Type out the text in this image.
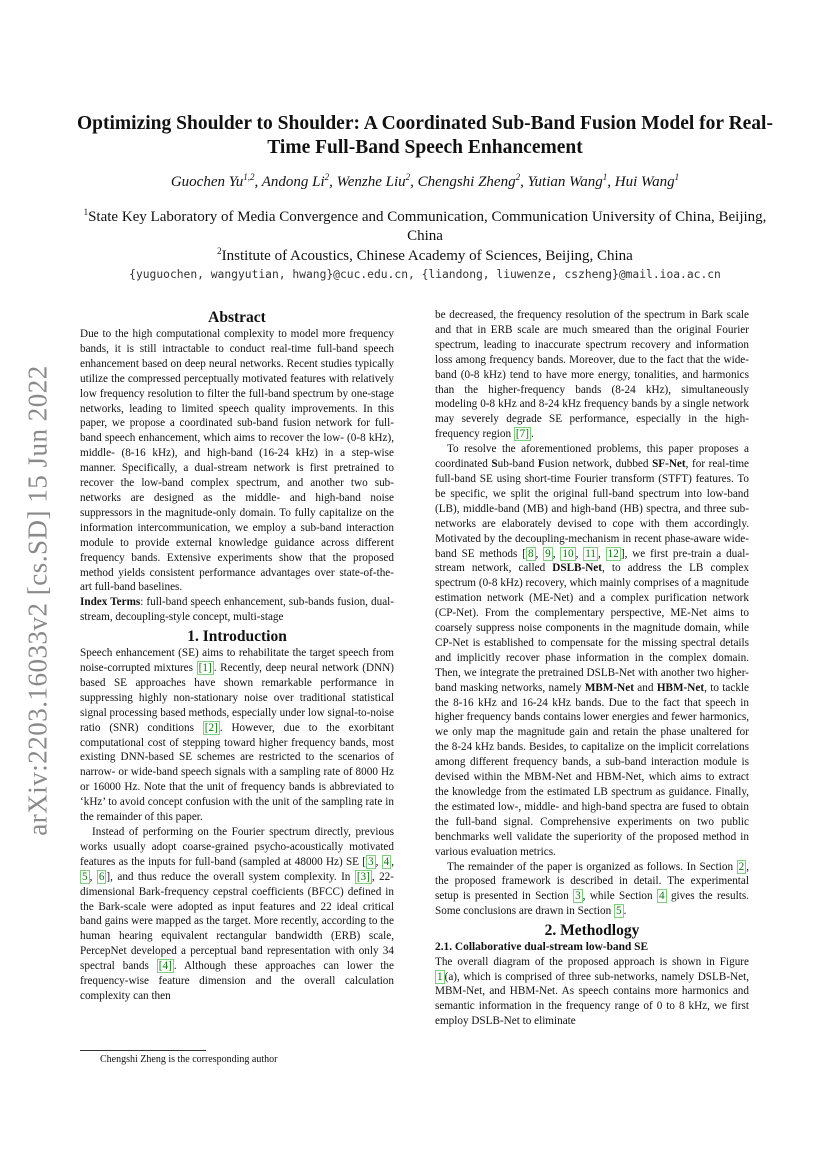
arXiv:2203.16033v2 [cs.SD] 15 Jun 2022
Optimizing Shoulder to Shoulder: A Coordinated Sub-Band Fusion Model for Real-Time Full-Band Speech Enhancement
Guochen Yu$^{1,2}$, Andong Li$^2$, Wenzhe Liu$^2$, Chengshi Zheng$^2$, Yutian Wang$^1$, Hui Wang$^1$
$^1$State Key Laboratory of Media Convergence and Communication, Communication University of China, Beijing, China
$^2$Institute of Acoustics, Chinese Academy of Sciences, Beijing, China
{yuguochen, wangyutian, hwang}@cuc.edu.cn, {liandong, liuwenze, cszheng}@mail.ioa.ac.cn
Abstract

Due to the high computational complexity to model more frequency bands, it is still intractable to conduct real-time full-band speech enhancement based on deep neural networks. Recent studies typically utilize the compressed perceptually motivated features with relatively low frequency resolution to filter the full-band spectrum by one-stage networks, leading to limited speech quality improvements. In this paper, we propose a coordinated sub-band fusion network for full-band speech enhancement, which aims to recover the low- (0-8 kHz), middle- (8-16 kHz), and high-band (16-24 kHz) in a step-wise manner. Specifically, a dual-stream network is first pretrained to recover the low-band complex spectrum, and another two sub-networks are designed as the middle- and high-band noise suppressors in the magnitude-only domain. To fully capitalize on the information intercommunication, we employ a sub-band interaction module to provide external knowledge guidance across different frequency bands. Extensive experiments show that the proposed method yields consistent performance advantages over state-of-the-art full-band baselines.

Index Terms: full-band speech enhancement, sub-bands fusion, dual-stream, decoupling-style concept, multi-stage

1. Introduction

Speech enhancement (SE) aims to rehabilitate the target speech from noise-corrupted mixtures [1] . Recently, deep neural network (DNN) based SE approaches have shown remarkable performance in suppressing highly non-stationary noise over traditional statistical signal processing based methods, especially under low signal-to-noise ratio (SNR) conditions [2] . However, due to the exorbitant computational cost of stepping toward higher frequency bands, most existing DNN-based SE schemes are restricted to the scenarios of narrow- or wide-band speech signals with a sampling rate of 8000 Hz or 16000 Hz. Note that the unit of frequency bands is abbreviated to ‘kHz’ to avoid concept confusion with the unit of the sampling rate in the remainder of this paper.

Instead of performing on the Fourier spectrum directly, previous works usually adopt coarse-grained psycho-acoustically motivated features as the inputs for full-band (sampled at 48000 Hz) SE [ 3 , 4 , 5 , 6 ], and thus reduce the overall system complexity. In [3] , 22-dimensional Bark-frequency cepstral coefficients (BFCC) defined in the Bark-scale were adopted as input features and 22 ideal critical band gains were mapped as the target. More recently, according to the human hearing equivalent rectangular bandwidth (ERB) scale, PercepNet developed a perceptual band representation with only 34 spectral bands [4] . Although these approaches can lower the frequency-wise feature dimension and the overall calculation complexity can then

Chengshi Zheng is the corresponding author

be decreased, the frequency resolution of the spectrum in Bark scale and that in ERB scale are much smeared than the original Fourier spectrum, leading to inaccurate spectrum recovery and information loss among frequency bands. Moreover, due to the fact that the wide-band (0-8 kHz) tend to have more energy, tonalities, and harmonics than the higher-frequency bands (8-24 kHz), simultaneously modeling 0-8 kHz and 8-24 kHz frequency bands by a single network may severely degrade SE performance, especially in the high-frequency region [7] .

To resolve the aforementioned problems, this paper proposes a coordinated Sub-band Fusion network, dubbed SF-Net, for real-time full-band SE using short-time Fourier transform (STFT) features. To be specific, we split the original full-band spectrum into low-band (LB), middle-band (MB) and high-band (HB) spectra, and three sub-networks are elaborately devised to cope with them accordingly. Motivated by the decoupling-mechanism in recent phase-aware wide-band SE methods [ 8 , 9 , 10 , 11 , 12 ], we first pre-train a dual-stream network, called DSLB-Net, to address the LB complex spectrum (0-8 kHz) recovery, which mainly comprises of a magnitude estimation network (ME-Net) and a complex purification network (CP-Net). From the complementary perspective, ME-Net aims to coarsely suppress noise components in the magnitude domain, while CP-Net is established to compensate for the missing spectral details and implicitly recover phase information in the complex domain. Then, we integrate the pretrained DSLB-Net with another two higher-band masking networks, namely MBM-Net and HBM-Net, to tackle the 8-16 kHz and 16-24 kHz bands. Due to the fact that speech in higher frequency bands contains lower energies and fewer harmonics, we only map the magnitude gain and retain the phase unaltered for the 8-24 kHz bands. Besides, to capitalize on the implicit correlations among different frequency bands, a sub-band interaction module is devised within the MBM-Net and HBM-Net, which aims to extract the knowledge from the estimated LB spectrum as guidance. Finally, the estimated low-, middle- and high-band spectra are fused to obtain the full-band signal. Comprehensive experiments on two public benchmarks well validate the superiority of the proposed method in various evaluation metrics.

The remainder of the paper is organized as follows. In Section 2 , the proposed framework is described in detail. The experimental setup is presented in Section 3 , while Section 4 gives the results. Some conclusions are drawn in Section 5 .

2. Methodlogy
2.1. Collaborative dual-stream low-band SE

The overall diagram of the proposed approach is shown in Figure 1 (a), which is comprised of three sub-networks, namely DSLB-Net, MBM-Net, and HBM-Net. As speech contains more harmonics and semantic information in the frequency range of 0 to 8 kHz, we first employ DSLB-Net to eliminate
